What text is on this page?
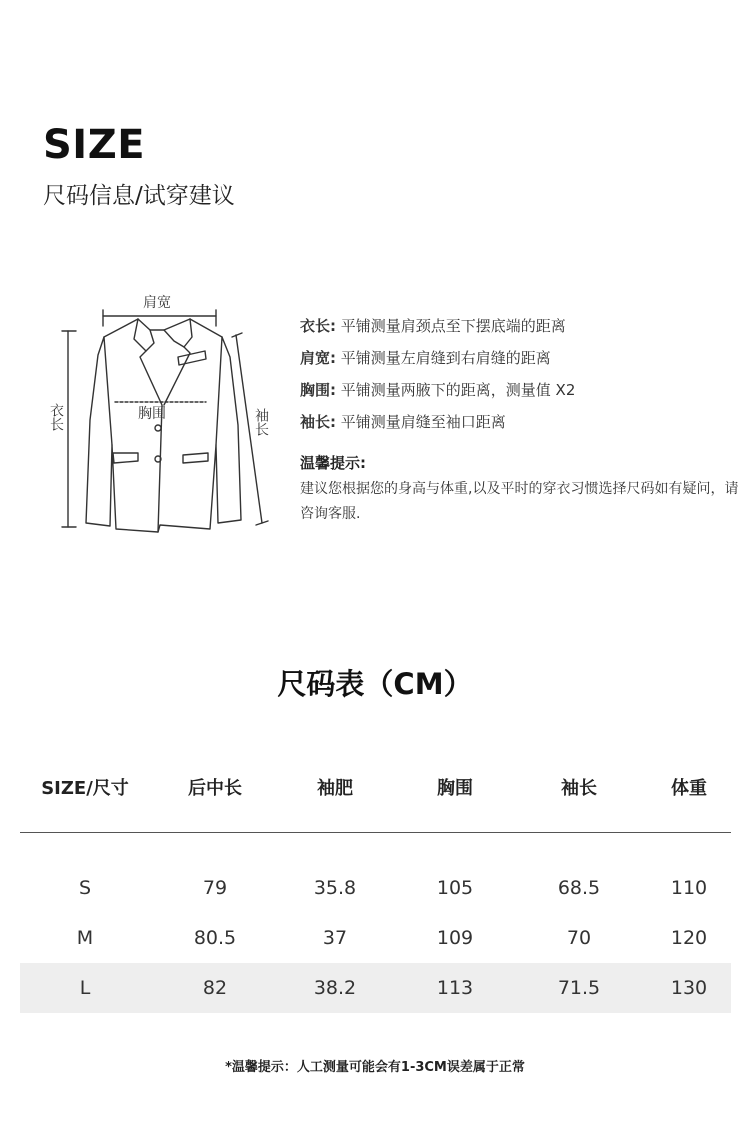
SIZE
尺码信息/试穿建议
肩宽
衣长	胸围	袖长
衣长: 平铺测量肩颈点至下摆底端的距离
肩宽: 平铺测量左肩缝到右肩缝的距离
胸围: 平铺测量两腋下的距离，测量值 X2
袖长: 平铺测量肩缝至袖口距离
温馨提示:
建议您根据您的身高与体重,以及平时的穿衣习惯选择尺码如有疑问，请咨询客服.
尺码表（CM）
SIZE/尺寸	后中长	袖肥	胸围	袖长	体重
S	79	35.8	105	68.5	110
M	80.5	37	109	70	120
L	82	38.2	113	71.5	130
*温馨提示：人工测量可能会有1-3CM误差属于正常
